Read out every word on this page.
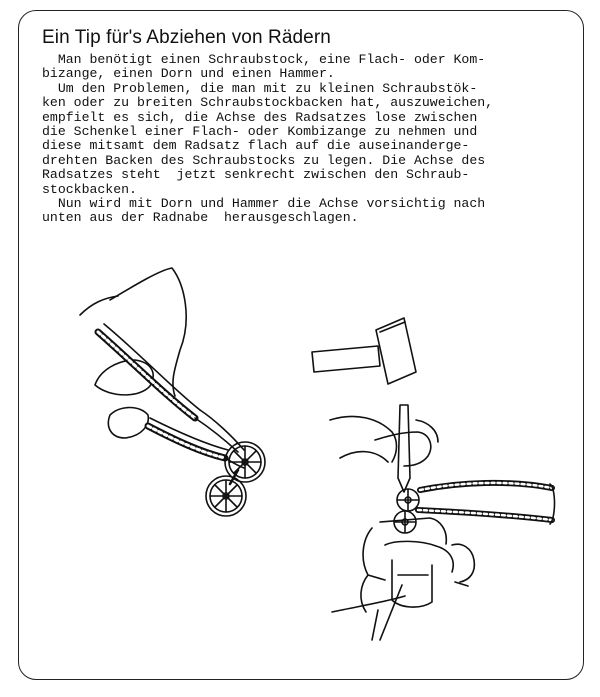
Ein Tip für's Abziehen von Rädern
Man benötigt einen Schraubstock, eine Flach- oder Kom-
bizange, einen Dorn und einen Hammer.
Um den Problemen, die man mit zu kleinen Schraubstök-
ken oder zu breiten Schraubstockbacken hat, auszuweichen,
empfielt es sich, die Achse des Radsatzes lose zwischen
die Schenkel einer Flach- oder Kombizange zu nehmen und
diese mitsamt dem Radsatz flach auf die auseinanderge-
drehten Backen des Schraubstocks zu legen. Die Achse des
Radsatzes steht  jetzt senkrecht zwischen den Schraub-
stockbacken.
Nun wird mit Dorn und Hammer die Achse vorsichtig nach
unten aus der Radnabe  herausgeschlagen.
